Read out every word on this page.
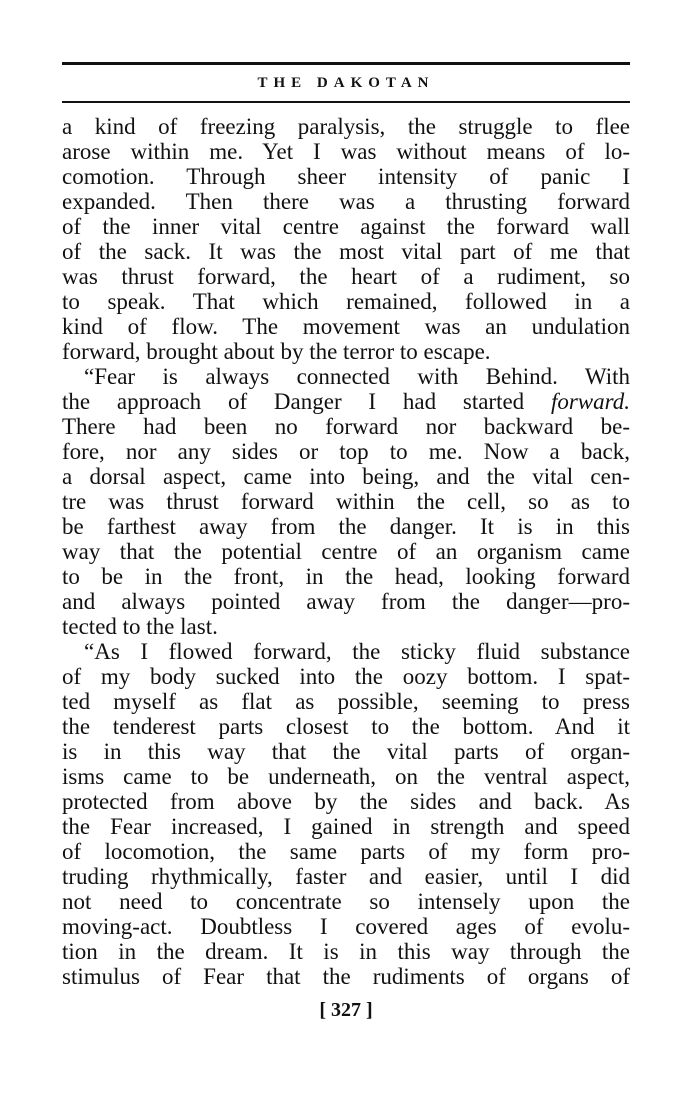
THE DAKOTAN
a kind of freezing paralysis, the struggle to flee
arose within me. Yet I was without means of lo-
comotion. Through sheer intensity of panic I
expanded. Then there was a thrusting forward
of the inner vital centre against the forward wall
of the sack. It was the most vital part of me that
was thrust forward, the heart of a rudiment, so
to speak. That which remained, followed in a
kind of flow. The movement was an undulation
forward, brought about by the terror to escape.
“Fear is always connected with Behind. With
the approach of Danger I had started forward.
There had been no forward nor backward be-
fore, nor any sides or top to me. Now a back,
a dorsal aspect, came into being, and the vital cen-
tre was thrust forward within the cell, so as to
be farthest away from the danger. It is in this
way that the potential centre of an organism came
to be in the front, in the head, looking forward
and always pointed away from the danger—pro-
tected to the last.
“As I flowed forward, the sticky fluid substance
of my body sucked into the oozy bottom. I spat-
ted myself as flat as possible, seeming to press
the tenderest parts closest to the bottom. And it
is in this way that the vital parts of organ-
isms came to be underneath, on the ventral aspect,
protected from above by the sides and back. As
the Fear increased, I gained in strength and speed
of locomotion, the same parts of my form pro-
truding rhythmically, faster and easier, until I did
not need to concentrate so intensely upon the
moving-act. Doubtless I covered ages of evolu-
tion in the dream. It is in this way through the
stimulus of Fear that the rudiments of organs of
[ 327 ]
